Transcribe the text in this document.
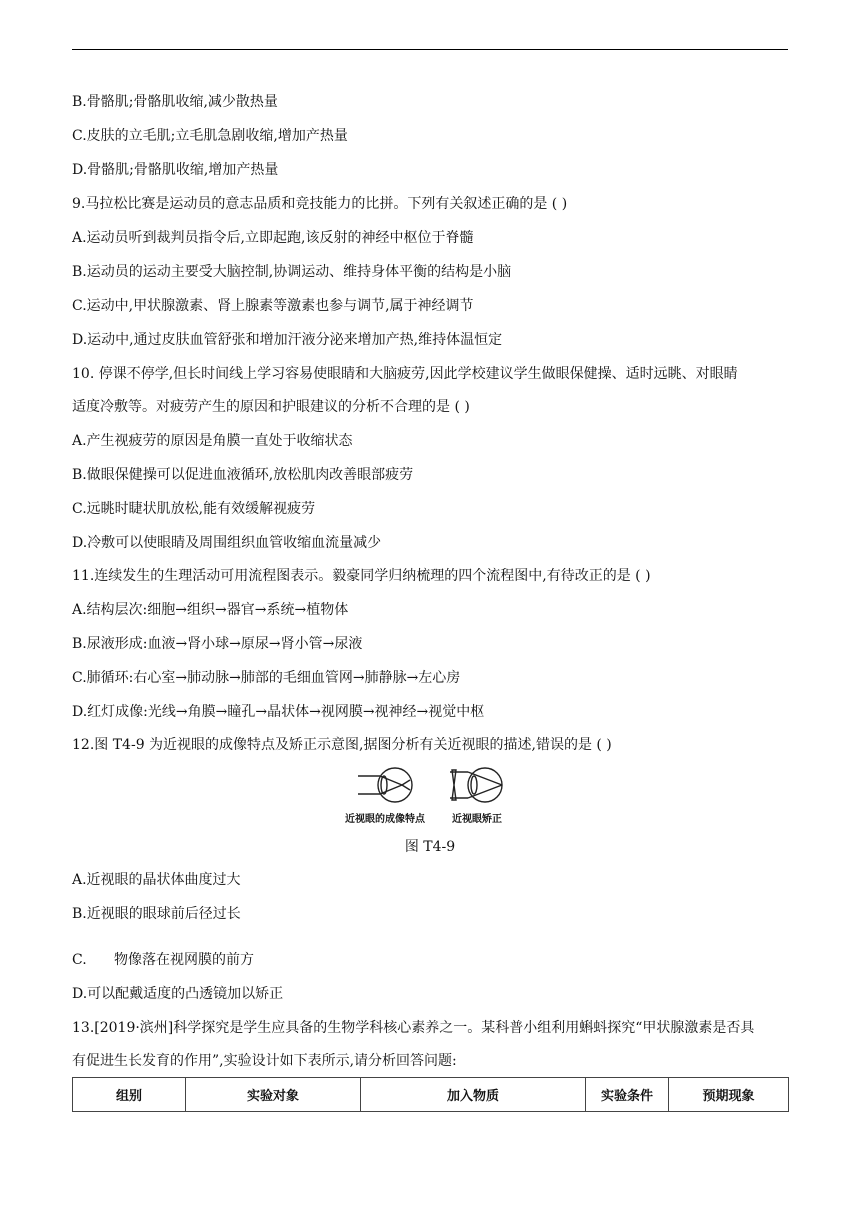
B.骨骼肌;骨骼肌收缩,减少散热量
C.皮肤的立毛肌;立毛肌急剧收缩,增加产热量
D.骨骼肌;骨骼肌收缩,增加产热量
9.马拉松比赛是运动员的意志品质和竞技能力的比拼。下列有关叙述正确的是 ( )
A.运动员听到裁判员指令后,立即起跑,该反射的神经中枢位于脊髓
B.运动员的运动主要受大脑控制,协调运动、维持身体平衡的结构是小脑
C.运动中,甲状腺激素、肾上腺素等激素也参与调节,属于神经调节
D.运动中,通过皮肤血管舒张和增加汗液分泌来增加产热,维持体温恒定
10. 停课不停学,但长时间线上学习容易使眼睛和大脑疲劳,因此学校建议学生做眼保健操、适时远眺、对眼睛
适度冷敷等。对疲劳产生的原因和护眼建议的分析不合理的是 ( )
A.产生视疲劳的原因是角膜一直处于收缩状态
B.做眼保健操可以促进血液循环,放松肌肉改善眼部疲劳
C.远眺时睫状肌放松,能有效缓解视疲劳
D.冷敷可以使眼睛及周围组织血管收缩血流量减少
11.连续发生的生理活动可用流程图表示。毅豪同学归纳梳理的四个流程图中,有待改正的是 ( )
A.结构层次:细胞→组织→器官→系统→植物体
B.尿液形成:血液→肾小球→原尿→肾小管→尿液
C.肺循环:右心室→肺动脉→肺部的毛细血管网→肺静脉→左心房
D.红灯成像:光线→角膜→瞳孔→晶状体→视网膜→视神经→视觉中枢
12.图 T4-9 为近视眼的成像特点及矫正示意图,据图分析有关近视眼的描述,错误的是 ( )
近视眼的成像特点	近视眼矫正
图 T4-9
A.近视眼的晶状体曲度过大
B.近视眼的眼球前后径过长
C. 物像落在视网膜的前方
D.可以配戴适度的凸透镜加以矫正
13.[2019·滨州]科学探究是学生应具备的生物学科核心素养之一。某科普小组利用蝌蚪探究“甲状腺激素是否具
有促进生长发育的作用”,实验设计如下表所示,请分析回答问题:
组别	实验对象	加入物质	实验条件	预期现象
